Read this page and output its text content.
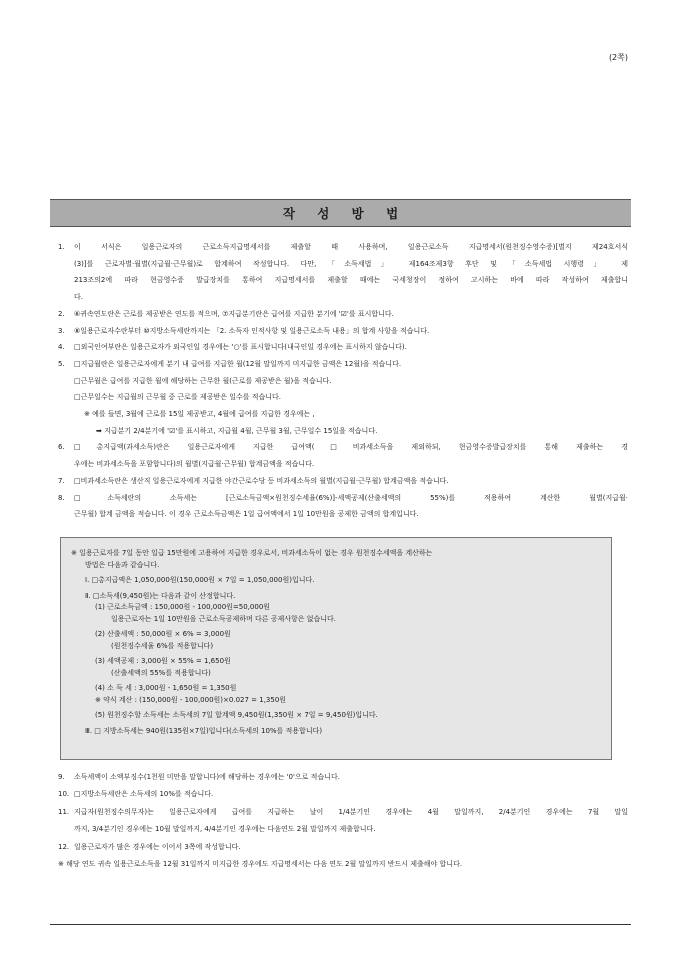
(2쪽)
작 성 방 법
1.	이 서식은 일용근로자의 근로소득지급명세서를 제출할 때 사용하며, 일용근로소득 지급명세서(원천징수영수증)[별지 제24호서식
(3)]를 근로자별·월별(지급월·근무월)로 합계하여 작성합니다. 다만, 「소득세법」 제164조제3항 후단 및 「소득세법 시행령」 제
213조의2에 따라 현금영수증 발급장치를 통하여 지급명세서를 제출할 때에는 국세청장이 정하여 고시하는 바에 따라 작성하여 제출합니
다.
2.	⑥귀속연도란은 근로를 제공받은 연도를 적으며, ⑦지급분기란은 급여를 지급한 분기에 '☑'를 표시합니다.
3.	⑧일용근로자수란부터 ⑩지방소득세란까지는 「2. 소득자 인적사항 및 일용근로소득 내용」의 합계 사항을 적습니다.
4.	□외국인여부란은 일용근로자가 외국인일 경우에는 '○'를 표시합니다(내국인일 경우에는 표시하지 않습니다).
5.	□지급월란은 일용근로자에게 분기 내 급여를 지급한 월(12월 말일까지 미지급한 금액은 12월)을 적습니다.
□근무월은 급여를 지급한 월에 해당하는 근무한 월(근로를 제공받은 월)을 적습니다.
□근무일수는 지급월의 근무월 중 근로를 제공받은 일수를 적습니다.
※ 예를 들면, 3월에 근로를 15일 제공받고, 4월에 급여를 지급한 경우에는 ,
➡ 지급분기 2/4분기에 '☑'를 표시하고, 지급월 4월, 근무월 3월, 근무일수 15일을 적습니다.
6.	□총지급액(과세소득)란은 일용근로자에게 지급한 급여액(□비과세소득을 제외하되, 현금영수증발급장치를 통해 제출하는 경
우에는 비과세소득을 포함합니다)의 월별(지급월·근무월) 합계금액을 적습니다.
7.	□비과세소득란은 생산직 일용근로자에게 지급한 야간근로수당 등 비과세소득의 월별(지급월·근무월) 합계금액을 적습니다.
8.	□소득세란의 소득세는 [근로소득금액×원천징수세율(6%)]-세액공제(산출세액의 55%)를 적용하여 계산한 월별(지급월·
근무월) 합계 금액을 적습니다. 이 경우 근로소득금액은 1일 급여액에서 1일 10만원을 공제한 금액의 합계입니다.
※ 일용근로자를 7일 동안 일급 15만원에 고용하여 지급한 경우로서, 비과세소득이 없는 경우 원천징수세액을 계산하는
방법은 다음과 같습니다.
Ⅰ. □총지급액은 1,050,000원(150,000원 × 7일 = 1,050,000원)입니다.
Ⅱ. □소득세(9,450원)는 다음과 같이 산정합니다.
(1) 근로소득금액 : 150,000원 - 100,000원=50,000원
일용근로자는 1일 10만원을 근로소득공제하며 다른 공제사항은 없습니다.
(2) 산출세액 : 50,000원 × 6% = 3,000원
(원천징수세율 6%를 적용합니다)
(3) 세액공제 : 3,000원 × 55% = 1,650원
(산출세액의 55%를 적용합니다)
(4) 소 득 세 : 3,000원 - 1,650원 = 1,350원
※ 약식 계산 : (150,000원 - 100,000원)×0.027 = 1,350원
(5) 원천징수할 소득세는 소득세의 7일 합계액 9,450원(1,350원 × 7일 = 9,450원)입니다.
Ⅲ. □ 지방소득세는 940원(135원×7일)입니다(소득세의 10%를 적용합니다)
9.	소득세액이 소액부징수(1천원 미만을 말합니다)에 해당하는 경우에는 '0'으로 적습니다.
10. □지방소득세란은 소득세의 10%를 적습니다.
11. 지급자(원천징수의무자)는 일용근로자에게 급여를 지급하는 날이 1/4분기인 경우에는 4월 말일까지, 2/4분기인 경우에는 7월 말일
까지, 3/4분기인 경우에는 10월 말일까지, 4/4분기인 경우에는 다음연도 2월 말일까지 제출합니다.
12. 일용근로자가 많은 경우에는 이어서 3쪽에 작성합니다.
※ 해당 연도 귀속 일용근로소득을 12월 31일까지 미지급한 경우에도 지급명세서는 다음 연도 2월 말일까지 반드시 제출해야 합니다.
